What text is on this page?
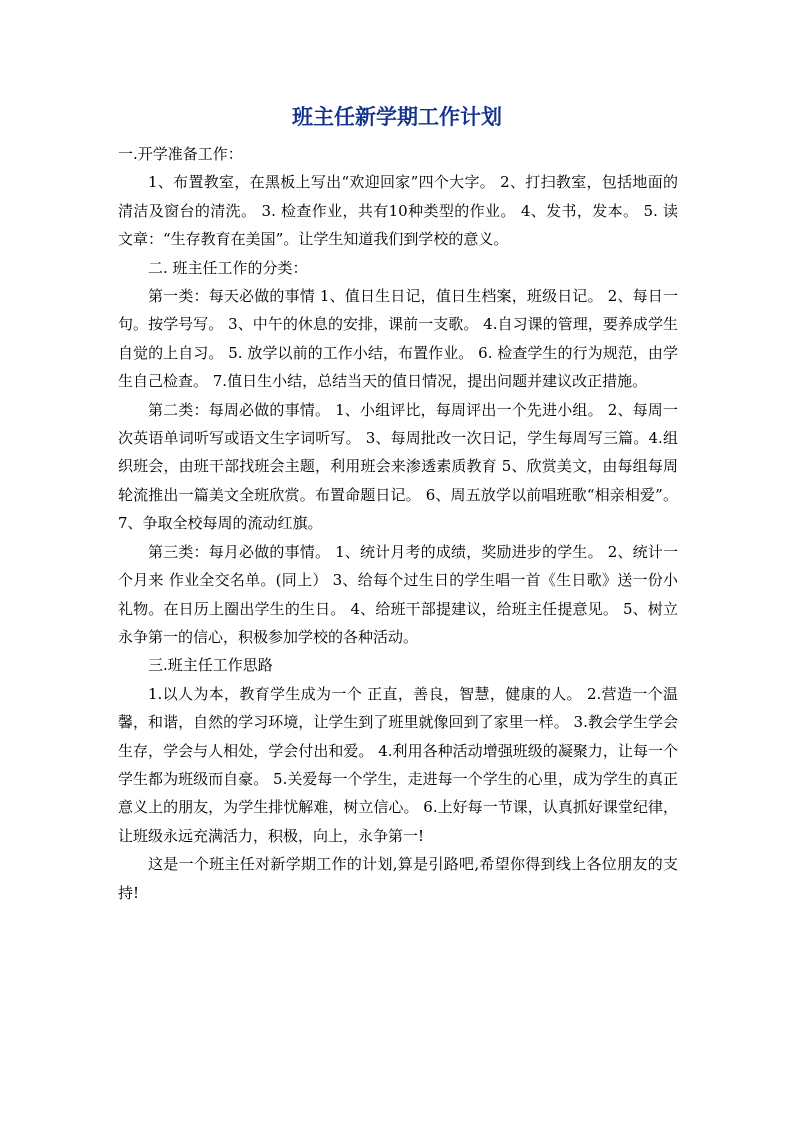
班主任新学期工作计划

一.开学准备工作：

1、布置教室，在黑板上写出“欢迎回家”四个大字。 2、打扫教室，包括地面的清洁及窗台的清洗。 3. 检查作业，共有10种类型的作业。 4、发书，发本。 5. 读文章：“生存教育在美国”。让学生知道我们到学校的意义。

二. 班主任工作的分类：

第一类：每天必做的事情 1、值日生日记，值日生档案，班级日记。 2、每日一句。按学号写。 3、中午的休息的安排，课前一支歌。 4.自习课的管理，要养成学生自觉的上自习。 5. 放学以前的工作小结，布置作业。 6. 检查学生的行为规范，由学生自己检查。 7.值日生小结，总结当天的值日情况，提出问题并建议改正措施。

第二类：每周必做的事情。 1、小组评比，每周评出一个先进小组。 2、每周一次英语单词听写或语文生字词听写。 3、每周批改一次日记，学生每周写三篇。4.组织班会，由班干部找班会主题，利用班会来渗透素质教育 5、欣赏美文，由每组每周轮流推出一篇美文全班欣赏。布置命题日记。 6、周五放学以前唱班歌“相亲相爱”。 7、争取全校每周的流动红旗。

第三类：每月必做的事情。 1、统计月考的成绩，奖励进步的学生。 2、统计一个月来 作业全交名单。(同上） 3、给每个过生日的学生唱一首《生日歌》送一份小礼物。在日历上圈出学生的生日。 4、给班干部提建议，给班主任提意见。 5、树立永争第一的信心，积极参加学校的各种活动。

三.班主任工作思路

1.以人为本，教育学生成为一个 正直，善良，智慧，健康的人。 2.营造一个温馨，和谐，自然的学习环境，让学生到了班里就像回到了家里一样。 3.教会学生学会生存，学会与人相处，学会付出和爱。 4.利用各种活动增强班级的凝聚力，让每一个学生都为班级而自豪。 5.关爱每一个学生，走进每一个学生的心里，成为学生的真正意义上的朋友，为学生排忧解难，树立信心。 6.上好每一节课，认真抓好课堂纪律，让班级永远充满活力，积极，向上，永争第一!

这是一个班主任对新学期工作的计划,算是引路吧,希望你得到线上各位朋友的支持!
